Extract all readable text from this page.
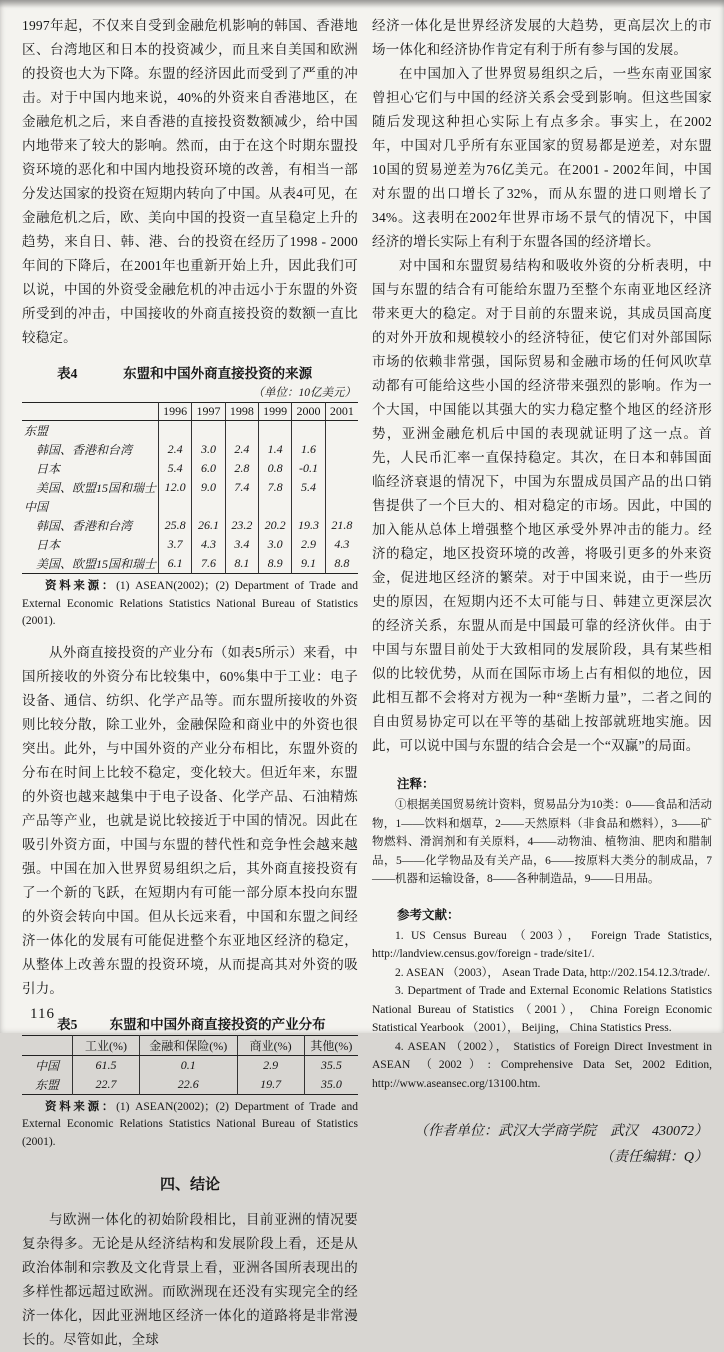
1997年起，不仅来自受到金融危机影响的韩国、香港地区、台湾地区和日本的投资减少，而且来自美国和欧洲的投资也大为下降。东盟的经济因此而受到了严重的冲击。对于中国内地来说，40%的外资来自香港地区，在金融危机之后，来自香港的直接投资数额减少，给中国内地带来了较大的影响。然而，由于在这个时期东盟投资环境的恶化和中国内地投资环境的改善，有相当一部分发达国家的投资在短期内转向了中国。从表4可见，在金融危机之后，欧、美向中国的投资一直呈稳定上升的趋势，来自日、韩、港、台的投资在经历了1998 - 2000年间的下降后，在2001年也重新开始上升，因此我们可以说，中国的外资受金融危机的冲击远小于东盟的外资所受到的冲击，中国接收的外商直接投资的数额一直比较稳定。

表4	东盟和中国外商直接投资的来源
（单位：10亿美元）
	1996	1997	1998	1999	2000	2001
东盟						
韩国、香港和台湾	2.4	3.0	2.4	1.4	1.6	
日本	5.4	6.0	2.8	0.8	-0.1	
美国、欧盟15国和瑞士	12.0	9.0	7.4	7.8	5.4	
中国						
韩国、香港和台湾	25.8	26.1	23.2	20.2	19.3	21.8
日本	3.7	4.3	3.4	3.0	2.9	4.3
美国、欧盟15国和瑞士	6.1	7.6	8.1	8.9	9.1	8.8

资料来源：(1) ASEAN(2002)；(2) Department of Trade and External Economic Relations Statistics National Bureau of Statistics (2001).

从外商直接投资的产业分布（如表5所示）来看，中国所接收的外资分布比较集中，60%集中于工业：电子设备、通信、纺织、化学产品等。而东盟所接收的外资则比较分散，除工业外，金融保险和商业中的外资也很突出。此外，与中国外资的产业分布相比，东盟外资的分布在时间上比较不稳定，变化较大。但近年来，东盟的外资也越来越集中于电子设备、化学产品、石油精炼产品等产业，也就是说比较接近于中国的情况。因此在吸引外资方面，中国与东盟的替代性和竞争性会越来越强。中国在加入世界贸易组织之后，其外商直接投资有了一个新的飞跃，在短期内有可能一部分原本投向东盟的外资会转向中国。但从长远来看，中国和东盟之间经济一体化的发展有可能促进整个东亚地区经济的稳定，从整体上改善东盟的投资环境，从而提高其对外资的吸引力。

表5	东盟和中国外商直接投资的产业分布
	工业(%)	金融和保险(%)	商业(%)	其他(%)
中国	61.5	0.1	2.9	35.5
东盟	22.7	22.6	19.7	35.0

资料来源：(1) ASEAN(2002)；(2) Department of Trade and External Economic Relations Statistics National Bureau of Statistics (2001).

四、结论

与欧洲一体化的初始阶段相比，目前亚洲的情况要复杂得多。无论是从经济结构和发展阶段上看，还是从政治体制和宗教及文化背景上看，亚洲各国所表现出的多样性都远超过欧洲。而欧洲现在还没有实现完全的经济一体化，因此亚洲地区经济一体化的道路将是非常漫长的。尽管如此，全球

经济一体化是世界经济发展的大趋势，更高层次上的市场一体化和经济协作肯定有利于所有参与国的发展。

在中国加入了世界贸易组织之后，一些东南亚国家曾担心它们与中国的经济关系会受到影响。但这些国家随后发现这种担心实际上有点多余。事实上，在2002年，中国对几乎所有东亚国家的贸易都是逆差，对东盟10国的贸易逆差为76亿美元。在2001 - 2002年间，中国对东盟的出口增长了32%，而从东盟的进口则增长了34%。这表明在2002年世界市场不景气的情况下，中国经济的增长实际上有利于东盟各国的经济增长。

对中国和东盟贸易结构和吸收外资的分析表明，中国与东盟的结合有可能给东盟乃至整个东南亚地区经济带来更大的稳定。对于目前的东盟来说，其成员国高度的对外开放和规模较小的经济特征，使它们对外部国际市场的依赖非常强，国际贸易和金融市场的任何风吹草动都有可能给这些小国的经济带来强烈的影响。作为一个大国，中国能以其强大的实力稳定整个地区的经济形势，亚洲金融危机后中国的表现就证明了这一点。首先，人民币汇率一直保持稳定。其次，在日本和韩国面临经济衰退的情况下，中国为东盟成员国产品的出口销售提供了一个巨大的、相对稳定的市场。因此，中国的加入能从总体上增强整个地区承受外界冲击的能力。经济的稳定，地区投资环境的改善，将吸引更多的外来资金，促进地区经济的繁荣。对于中国来说，由于一些历史的原因，在短期内还不太可能与日、韩建立更深层次的经济关系，东盟从而是中国最可靠的经济伙伴。由于中国与东盟目前处于大致相同的发展阶段，具有某些相似的比较优势，从而在国际市场上占有相似的地位，因此相互都不会将对方视为一种“垄断力量”，二者之间的自由贸易协定可以在平等的基础上按部就班地实施。因此，可以说中国与东盟的结合会是一个“双赢”的局面。

注释：

①根据美国贸易统计资料，贸易品分为10类：0——食品和活动物，1——饮料和烟草，2——天然原料（非食品和燃料），3——矿物燃料、滑润剂和有关原料，4——动物油、植物油、肥肉和腊制品，5——化学物品及有关产品，6——按原料大类分的制成品，7——机器和运输设备，8——各种制造品，9——日用品。

参考文献：

1. US Census Bureau （2003）， Foreign Trade Statistics, http://landview.census.gov/foreign - trade/site1/.

2. ASEAN （2003）， Asean Trade Data, http://202.154.12.3/trade/.

3. Department of Trade and External Economic Relations Statistics National Bureau of Statistics （2001）， China Foreign Economic Statistical Yearbook （2001）， Beijing， China Statistics Press.

4. ASEAN （2002）， Statistics of Foreign Direct Investment in ASEAN （2002）: Comprehensive Data Set, 2002 Edition, http://www.aseansec.org/13100.htm.

（作者单位：武汉大学商学院　武汉　430072）
（责任编辑：Q）
116
